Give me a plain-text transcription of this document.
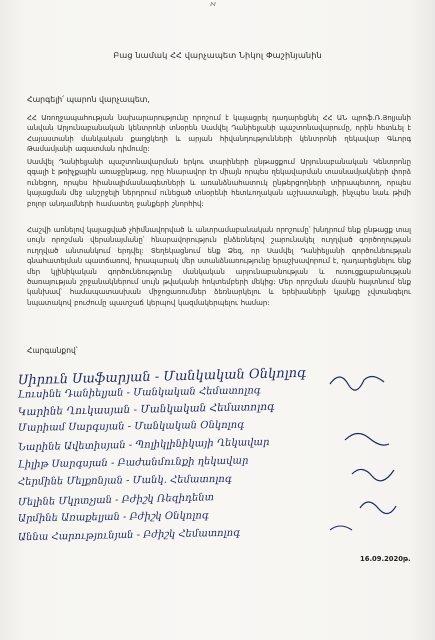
ﬡ
Բաց նամակ ՀՀ վարչապետ Նիկոլ Փաշինյանին
Հարգելի՛ պարոն վարչապետ,
ՀՀ Առողջապահության նախարարությունը որոշում է կայացրել դադարեցնել ՀՀ ԱՆ պրոֆ.Ռ.Յոլյանի անվան Արյունաբանական կենտրոնի տնօրեն Սամվել Դանիելյանի պաշտոնավարումը, որին հետևել է Հայաստանի մանկական քաղցկեղի և արյան հիվանդությունների կենտրոնի ղեկավար Գևորգ Թամամյանի ազատման դիմումը:
Սամվել Դանիելյանի պաշտոնավարման երկու տարիների ընթացքում Արյունաբանական Կենտրոնը զգալի է թռիչքային առաջընթաց, որը հնարավոր էր միայն որպես ղեկավարման տասնամյակների փորձ ունեցող, որպես հիանալիմասնագետների և առանձնահատուկ ընթերցողների տիրապետող, որպես կայացման մեջ անշրջելի ներդրում ունեցած տնօրենի հետևողական աշխատանքի, ինչպես նաև թիմի բոլոր անդամների համատեղ ջանքերի շնորհիվ:
Հաշվի առնելով կայացված չհիմնավորված և անտրամաբանական որոշումը՝ խնդրում ենք ընթացք տալ սույն որոշման վերանայմանը՝ հնարավորություն ընձեռնելով շարունակել ուղղված գործողության ուղղված անտանկում երդվել: Տեղեկացնում ենք Ձեզ, որ Սամվել Դանիելյանի գործունեության գնահատելման պատճառով, հրապարակ մեր ստանձնառությունը երաշխավորում է, ղադարեցնելու ենք մեր կլինիկական գործունեությունը մանկական արյունաբանության և ուռուցքաբանության ծառայության շրջանակներում սույն թվականի հոկտեմբերի մեկից: Մեր որոշման մասին հայտնում ենք կանխավ՝ համապատասխան միջոցառումներ ձեռնարկելու և երեխաների կյանքը չվտանգելու նպատակով բուժումը պատշաճ կերպով կազմակերպելու համար:
Հարգանքով՝
Սիրուն Սաֆարյան - Մանկական Օնկոլոգ
Լուսինե Դանիելյան - Մանկական Հեմատոլոգ
Կարինե Ղուկասյան - Մանկական Հեմատոլոգ
Մարիամ Սարգսյան - Մանկական Օնկոլոգ
Նարինե Ավետիսյան - Պոլիկլինիկայի Ղեկավար
Լիլիթ Սարգսյան - Բաժանմունքի ղեկավար
Հերմինե Մելքոնյան - Մանկ. Հեմատոլոգ
Մելինե Մկրտչյան - Բժիշկ Ռեզիդենտ
Արմինե Առաքելյան - Բժիշկ Օնկոլոգ
Աննա Հարությունյան - Բժիշկ Հեմատոլոգ
16.09.2020թ.
